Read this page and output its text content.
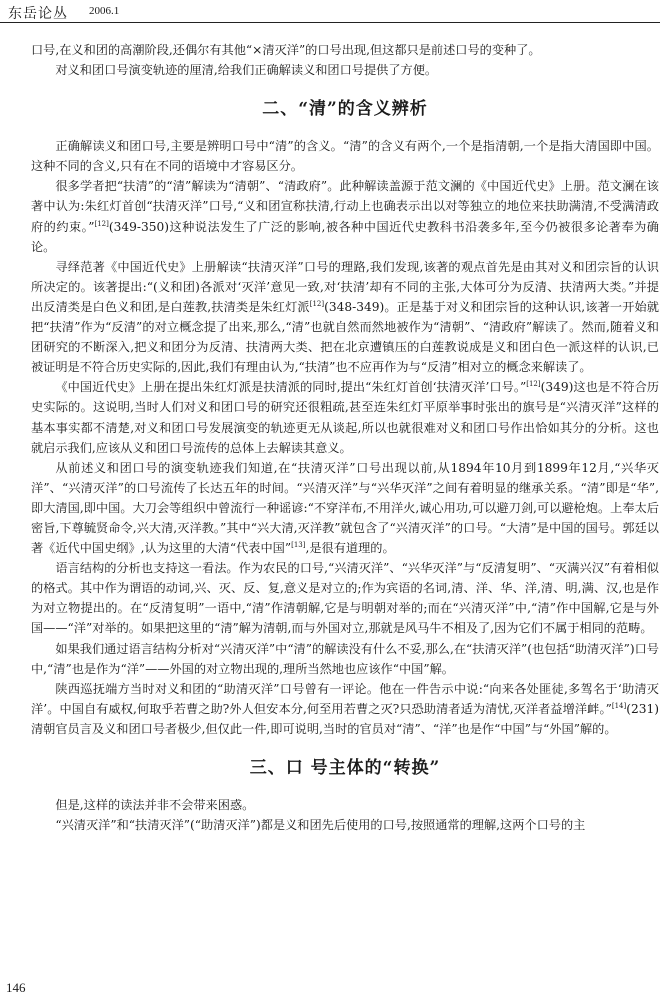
东岳论丛 2006.1

口号,在义和团的高潮阶段,还偶尔有其他“×清灭洋”的口号出现,但这都只是前述口号的变种了。

对义和团口号演变轨迹的厘清,给我们正确解读义和团口号提供了方便。

二、“清”的含义辨析

正确解读义和团口号,主要是辨明口号中“清”的含义。“清”的含义有两个,一个是指清朝,一个是指大清国即中国。这种不同的含义,只有在不同的语境中才容易区分。

很多学者把“扶清”的“清”解读为“清朝”、“清政府”。此种解读盖源于范文澜的《中国近代史》上册。范文澜在该著中认为:朱红灯首创“扶清灭洋”口号,“义和团宣称扶清,行动上也确表示出以对等独立的地位来扶助满清,不受满清政府的约束。”[12](349-350)这种说法发生了广泛的影响,被各种中国近代史教科书沿袭多年,至今仍被很多论著奉为确论。

寻绎范著《中国近代史》上册解读“扶清灭洋”口号的理路,我们发现,该著的观点首先是由其对义和团宗旨的认识所决定的。该著提出:“(义和团)各派对‘灭洋’意见一致,对‘扶清’却有不同的主张,大体可分为反清、扶清两大类。”并提出反清类是白色义和团,是白莲教,扶清类是朱红灯派[12](348-349)。正是基于对义和团宗旨的这种认识,该著一开始就把“扶清”作为“反清”的对立概念提了出来,那么,“清”也就自然而然地被作为“清朝”、“清政府”解读了。然而,随着义和团研究的不断深入,把义和团分为反清、扶清两大类、把在北京遭镇压的白莲教说成是义和团白色一派这样的认识,已被证明是不符合历史实际的,因此,我们有理由认为,“扶清”也不应再作为与“反清”相对立的概念来解读了。

《中国近代史》上册在提出朱红灯派是扶清派的同时,提出“朱红灯首创‘扶清灭洋’口号。”[12](349)这也是不符合历史实际的。这说明,当时人们对义和团口号的研究还很粗疏,甚至连朱红灯平原举事时张出的旗号是“兴清灭洋”这样的基本事实都不清楚,对义和团口号发展演变的轨迹更无从谈起,所以也就很难对义和团口号作出恰如其分的分析。这也就启示我们,应该从义和团口号流传的总体上去解读其意义。

从前述义和团口号的演变轨迹我们知道,在“扶清灭洋”口号出现以前,从1894年10月到1899年12月,“兴华灭洋”、“兴清灭洋”的口号流传了长达五年的时间。“兴清灭洋”与“兴华灭洋”之间有着明显的继承关系。“清”即是“华”,即大清国,即中国。大刀会等组织中曾流行一种谣谚:“不穿洋布,不用洋火,诚心用功,可以避刀剑,可以避枪炮。上奉太后密旨,下尊毓贤命令,兴大清,灭洋教。”其中“兴大清,灭洋教”就包含了“兴清灭洋”的口号。“大清”是中国的国号。郭廷以著《近代中国史纲》,认为这里的大清“代表中国”[13],是很有道理的。

语言结构的分析也支持这一看法。作为农民的口号,“兴清灭洋”、“兴华灭洋”与“反清复明”、“灭满兴汉”有着相似的格式。其中作为谓语的动词,兴、灭、反、复,意义是对立的;作为宾语的名词,清、洋、华、洋,清、明,满、汉,也是作为对立物提出的。在“反清复明”一语中,“清”作清朝解,它是与明朝对举的;而在“兴清灭洋”中,“清”作中国解,它是与外国——“洋”对举的。如果把这里的“清”解为清朝,而与外国对立,那就是风马牛不相及了,因为它们不属于相同的范畴。

如果我们通过语言结构分析对“兴清灭洋”中“清”的解读没有什么不妥,那么,在“扶清灭洋”(也包括“助清灭洋”)口号中,“清”也是作为“洋”——外国的对立物出现的,理所当然地也应该作“中国”解。

陕西巡抚端方当时对义和团的“助清灭洋”口号曾有一评论。他在一件告示中说:“向来各处匪徒,多驾名于‘助清灭洋’。中国自有威权,何取乎若曹之助?外人但安本分,何至用若曹之灭?只恐助清者适为清忧,灭洋者益增洋衅。”[14](231)清朝官员言及义和团口号者极少,但仅此一件,即可说明,当时的官员对“清”、“洋”也是作“中国”与“外国”解的。

三、口 号主体的“转换”

但是,这样的读法并非不会带来困惑。

“兴清灭洋”和“扶清灭洋”(“助清灭洋”)都是义和团先后使用的口号,按照通常的理解,这两个口号的主

146
